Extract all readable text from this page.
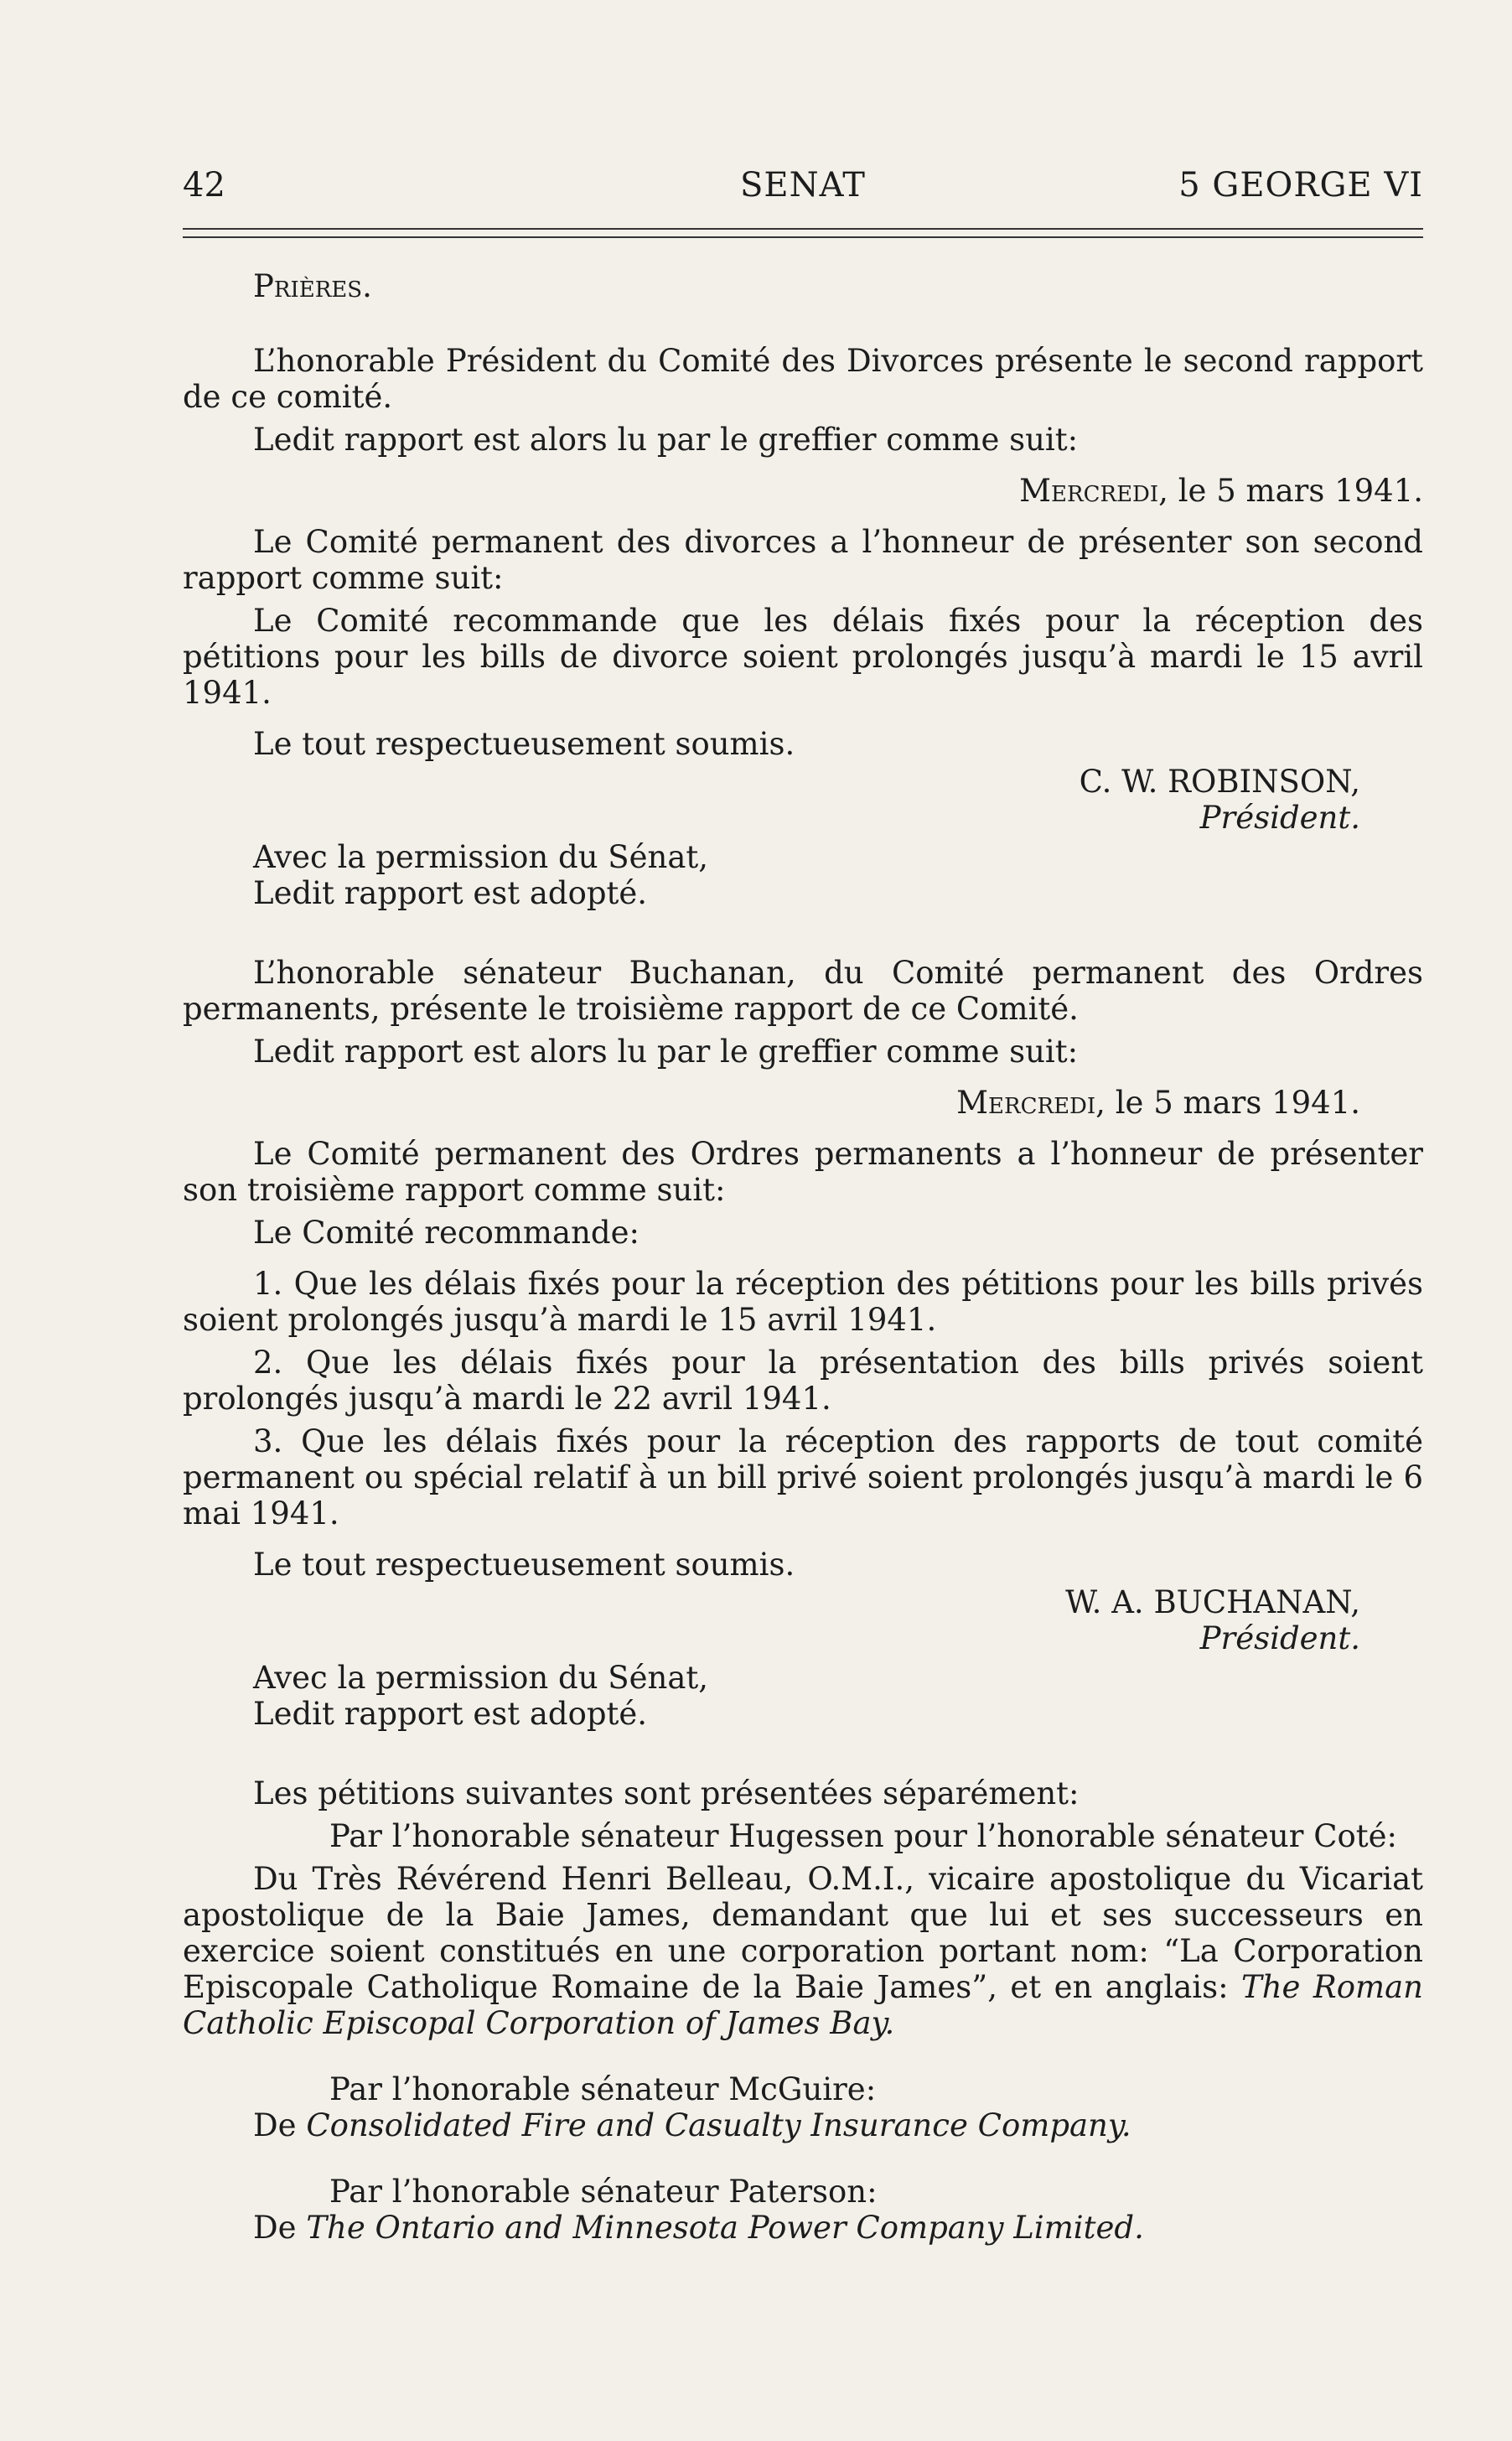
42	SENAT	5 GEORGE VI

Prières.

L’honorable Président du Comité des Divorces présente le second rapport de ce comité.

Ledit rapport est alors lu par le greffier comme suit:

Mercredi, le 5 mars 1941.

Le Comité permanent des divorces a l’honneur de présenter son second rapport comme suit:

Le Comité recommande que les délais fixés pour la réception des pétitions pour les bills de divorce soient prolongés jusqu’à mardi le 15 avril 1941.

Le tout respectueusement soumis.

C. W. ROBINSON,

Président.

Avec la permission du Sénat,

Ledit rapport est adopté.

L’honorable sénateur Buchanan, du Comité permanent des Ordres permanents, présente le troisième rapport de ce Comité.

Ledit rapport est alors lu par le greffier comme suit:

Mercredi, le 5 mars 1941.

Le Comité permanent des Ordres permanents a l’honneur de présenter son troisième rapport comme suit:

Le Comité recommande:

1. Que les délais fixés pour la réception des pétitions pour les bills privés soient prolongés jusqu’à mardi le 15 avril 1941.

2. Que les délais fixés pour la présentation des bills privés soient prolongés jusqu’à mardi le 22 avril 1941.

3. Que les délais fixés pour la réception des rapports de tout comité permanent ou spécial relatif à un bill privé soient prolongés jusqu’à mardi le 6 mai 1941.

Le tout respectueusement soumis.

W. A. BUCHANAN,

Président.

Avec la permission du Sénat,

Ledit rapport est adopté.

Les pétitions suivantes sont présentées séparément:

Par l’honorable sénateur Hugessen pour l’honorable sénateur Coté:

Du Très Révérend Henri Belleau, O.M.I., vicaire apostolique du Vicariat apostolique de la Baie James, demandant que lui et ses successeurs en exercice soient constitués en une corporation portant nom: “La Corporation Episcopale Catholique Romaine de la Baie James”, et en anglais: The Roman Catholic Episcopal Corporation of James Bay.

Par l’honorable sénateur McGuire:

De Consolidated Fire and Casualty Insurance Company.

Par l’honorable sénateur Paterson:

De The Ontario and Minnesota Power Company Limited.
